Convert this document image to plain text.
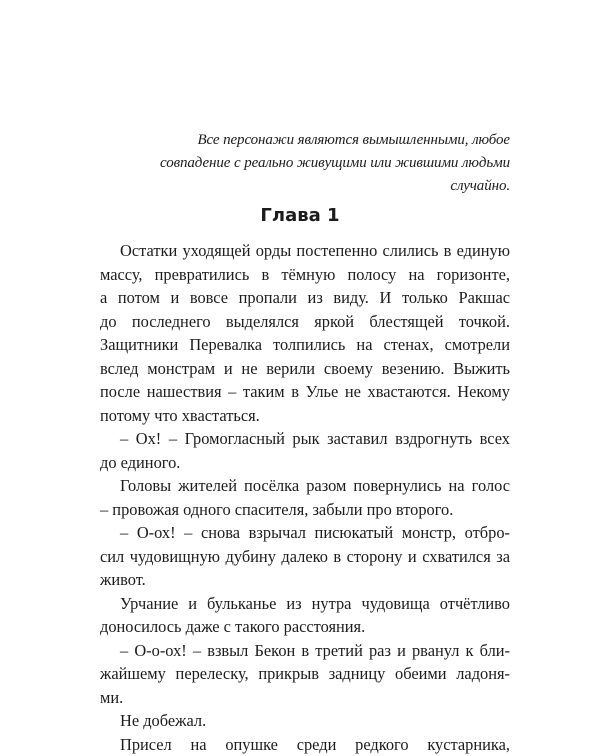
Все персонажи являются вымышленными, любое
совпадение с реально живущими или жившими людьми
случайно.
Глава 1
Остатки уходящей орды постепенно слились в единую
массу, превратились в тёмную полосу на горизонте,
а потом и вовсе пропали из виду. И только Ракшас
до последнего выделялся яркой блестящей точкой.
Защитники Перевалка толпились на стенах, смотрели
вслед монстрам и не верили своему везению. Выжить
после нашествия – таким в Улье не хвастаются. Некому
потому что хвастаться.
– Ох! – Громогласный рык заставил вздрогнуть всех
до единого.
Головы жителей посёлка разом повернулись на голос
– провожая одного спасителя, забыли про второго.
– О-ох! – снова взрычал писюкатый монстр, отбро-
сил чудовищную дубину далеко в сторону и схватился за
живот.
Урчание и бульканье из нутра чудовища отчётливо
доносилось даже с такого расстояния.
– О-о-ох! – взвыл Бекон в третий раз и рванул к бли-
жайшему перелеску, прикрыв задницу обеими ладоня-
ми.
Не добежал.
Присел на опушке среди редкого кустарника,
